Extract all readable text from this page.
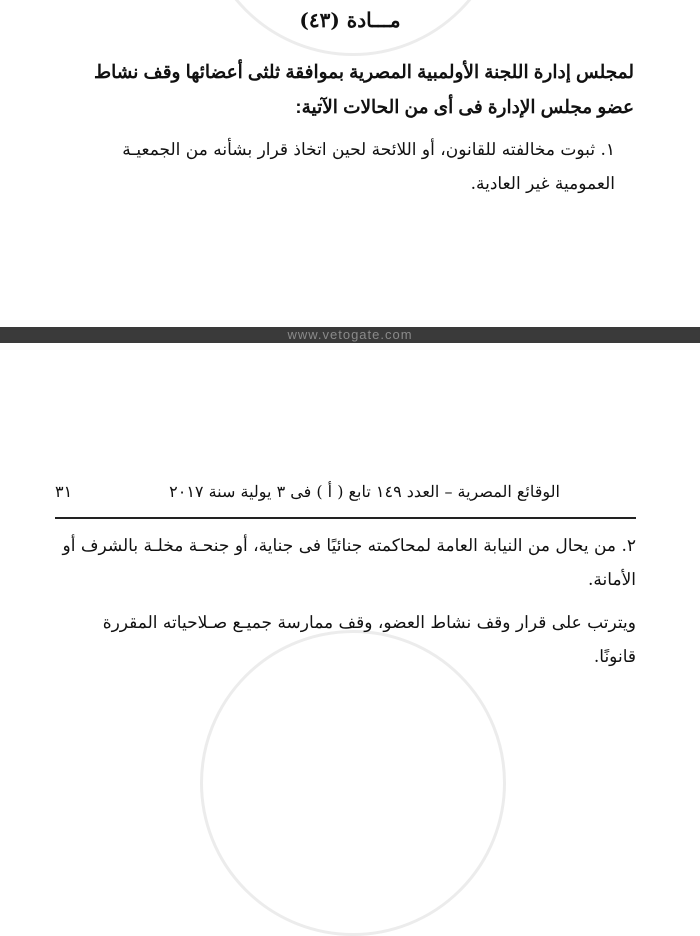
مـــادة (٤٣)

لمجلس إدارة اللجنة الأولمبية المصرية بموافقة ثلثى أعضائها وقف نشاط عضو مجلس الإدارة فى أى من الحالات الآتية:

١. ثبوت مخالفته للقانون، أو اللائحة لحين اتخاذ قرار بشأنه من الجمعيـة العمومية غير العادية.

www.vetogate.com
٣١	الوقائع المصرية – العدد ١٤٩ تابع ( أ ) فى ٣ يولية سنة ٢٠١٧

٢. من يحال من النيابة العامة لمحاكمته جنائيًا فى جناية، أو جنحـة مخلـة بالشرف أو الأمانة.

ويترتب على قرار وقف نشاط العضو، وقف ممارسة جميـع صـلاحياته المقررة قانونًا.
